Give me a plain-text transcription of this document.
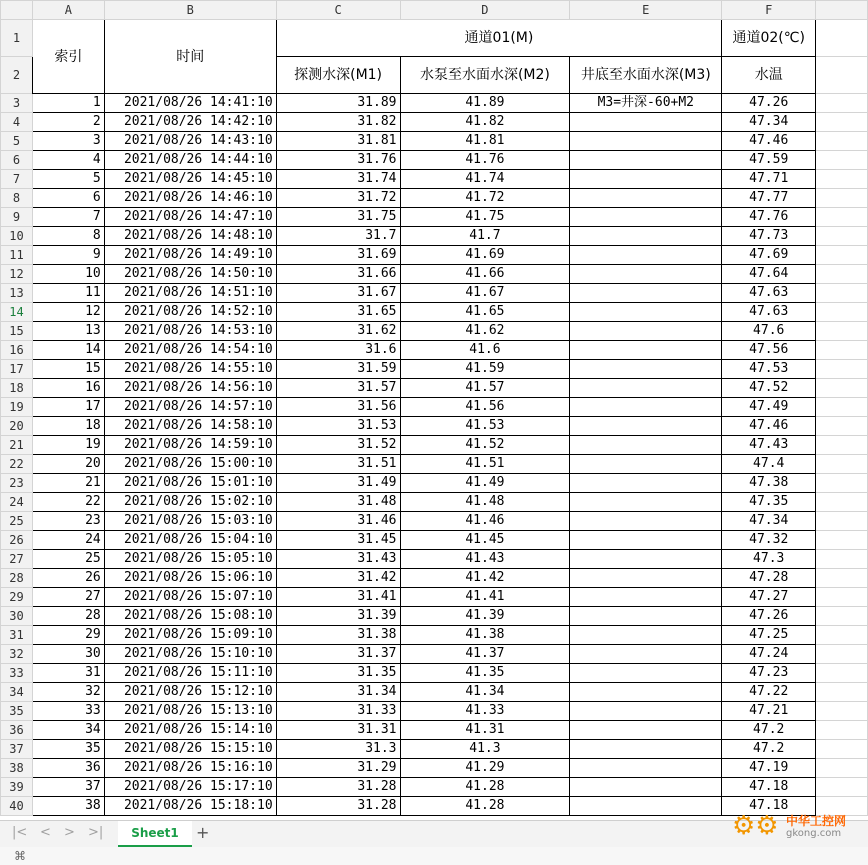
	A	B	C	D	E	F	
1	索引	时间	通道01(M)			通道02(℃)	
2			探测水深(M1)	水泵至水面水深(M2)	井底至水面水深(M3)	水温	
3	1	2021/08/26 14:41:10	31.89	41.89	M3=井深-60+M2	47.26	
4	2	2021/08/26 14:42:10	31.82	41.82		47.34	
5	3	2021/08/26 14:43:10	31.81	41.81		47.46	
6	4	2021/08/26 14:44:10	31.76	41.76		47.59	
7	5	2021/08/26 14:45:10	31.74	41.74		47.71	
8	6	2021/08/26 14:46:10	31.72	41.72		47.77	
9	7	2021/08/26 14:47:10	31.75	41.75		47.76	
10	8	2021/08/26 14:48:10	31.7	41.7		47.73	
11	9	2021/08/26 14:49:10	31.69	41.69		47.69	
12	10	2021/08/26 14:50:10	31.66	41.66		47.64	
13	11	2021/08/26 14:51:10	31.67	41.67		47.63	
14	12	2021/08/26 14:52:10	31.65	41.65		47.63	
15	13	2021/08/26 14:53:10	31.62	41.62		47.6	
16	14	2021/08/26 14:54:10	31.6	41.6		47.56	
17	15	2021/08/26 14:55:10	31.59	41.59		47.53	
18	16	2021/08/26 14:56:10	31.57	41.57		47.52	
19	17	2021/08/26 14:57:10	31.56	41.56		47.49	
20	18	2021/08/26 14:58:10	31.53	41.53		47.46	
21	19	2021/08/26 14:59:10	31.52	41.52		47.43	
22	20	2021/08/26 15:00:10	31.51	41.51		47.4	
23	21	2021/08/26 15:01:10	31.49	41.49		47.38	
24	22	2021/08/26 15:02:10	31.48	41.48		47.35	
25	23	2021/08/26 15:03:10	31.46	41.46		47.34	
26	24	2021/08/26 15:04:10	31.45	41.45		47.32	
27	25	2021/08/26 15:05:10	31.43	41.43		47.3	
28	26	2021/08/26 15:06:10	31.42	41.42		47.28	
29	27	2021/08/26 15:07:10	31.41	41.41		47.27	
30	28	2021/08/26 15:08:10	31.39	41.39		47.26	
31	29	2021/08/26 15:09:10	31.38	41.38		47.25	
32	30	2021/08/26 15:10:10	31.37	41.37		47.24	
33	31	2021/08/26 15:11:10	31.35	41.35		47.23	
34	32	2021/08/26 15:12:10	31.34	41.34		47.22	
35	33	2021/08/26 15:13:10	31.33	41.33		47.21	
36	34	2021/08/26 15:14:10	31.31	41.31		47.2	
37	35	2021/08/26 15:15:10	31.3	41.3		47.2	
38	36	2021/08/26 15:16:10	31.29	41.29		47.19	
39	37	2021/08/26 15:17:10	31.28	41.28		47.18	
40	38	2021/08/26 15:18:10	31.28	41.28		47.18	
|< < > >|	Sheet1	+
⌘
⚙⚙ 中华工控网
gkong.com
